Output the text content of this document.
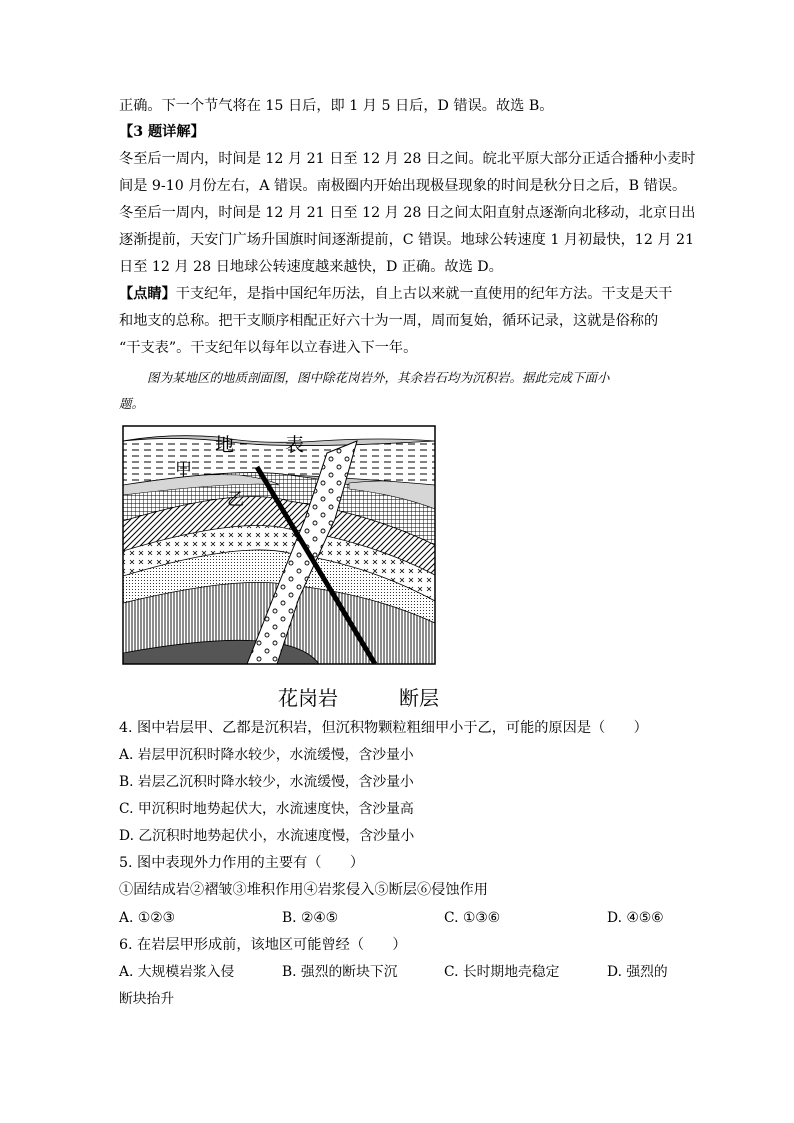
正确。下一个节气将在 15 日后，即 1 月 5 日后，D 错误。故选 B。
【3 题详解】
冬至后一周内，时间是 12 月 21 日至 12 月 28 日之间。皖北平原大部分正适合播种小麦时
间是 9-10 月份左右，A 错误。南极圈内开始出现极昼现象的时间是秋分日之后，B 错误。
冬至后一周内，时间是 12 月 21 日至 12 月 28 日之间太阳直射点逐渐向北移动，北京日出
逐渐提前，天安门广场升国旗时间逐渐提前，C 错误。地球公转速度 1 月初最快，12 月 21
日至 12 月 28 日地球公转速度越来越快，D 正确。故选 D。
【点睛】干支纪年，是指中国纪年历法，自上古以来就一直使用的纪年方法。干支是天干
和地支的总称。把干支顺序相配正好六十为一周，周而复始，循环记录，这就是俗称的
“干支表”。干支纪年以每年以立春进入下一年。
图为某地区的地质剖面图，图中除花岗岩外，其余岩石均为沉积岩。据此完成下面小
题。
地	表
甲
乙
花岗岩	断层
4. 图中岩层甲、乙都是沉积岩，但沉积物颗粒粗细甲小于乙，可能的原因是（　　）
A. 岩层甲沉积时降水较少，水流缓慢，含沙量小
B. 岩层乙沉积时降水较少，水流缓慢，含沙量小
C. 甲沉积时地势起伏大，水流速度快，含沙量高
D. 乙沉积时地势起伏小，水流速度慢，含沙量小
5. 图中表现外力作用的主要有（　　）
①固结成岩②褶皱③堆积作用④岩浆侵入⑤断层⑥侵蚀作用
A. ①②③	B. ②④⑤	C. ①③⑥	D. ④⑤⑥
6. 在岩层甲形成前，该地区可能曾经（　　）
A. 大规模岩浆入侵	B. 强烈的断块下沉	C. 长时期地壳稳定	D. 强烈的
断块抬升
